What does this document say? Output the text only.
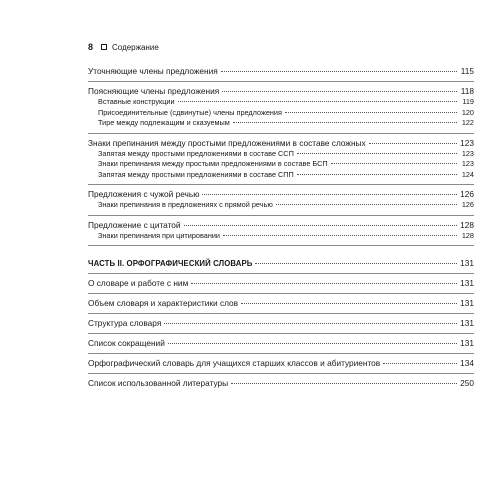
8 Содержание
Уточняющие члены предложения	115
Поясняющие члены предложения	118
Вставные конструкции	119
Присоединительные (сдвинутые) члены предложения	120
Тире между подлежащим и сказуемым	122
Знаки препинания между простыми предложениями в составе сложных	123
Запятая между простыми предложениями в составе ССП	123
Знаки препинания между простыми предложениями в составе БСП	123
Запятая между простыми предложениями в составе СПП	124
Предложения с чужой речью	126
Знаки препинания в предложениях с прямой речью	126
Предложение с цитатой	128
Знаки препинания при цитировании	128
ЧАСТЬ II. ОРФОГРАФИЧЕСКИЙ СЛОВАРЬ	131
О словаре и работе с ним	131
Объем словаря и характеристики слов	131
Структура словаря	131
Список сокращений	131
Орфографический словарь для учащихся старших классов и абитуриентов	134
Список использованной литературы	250
